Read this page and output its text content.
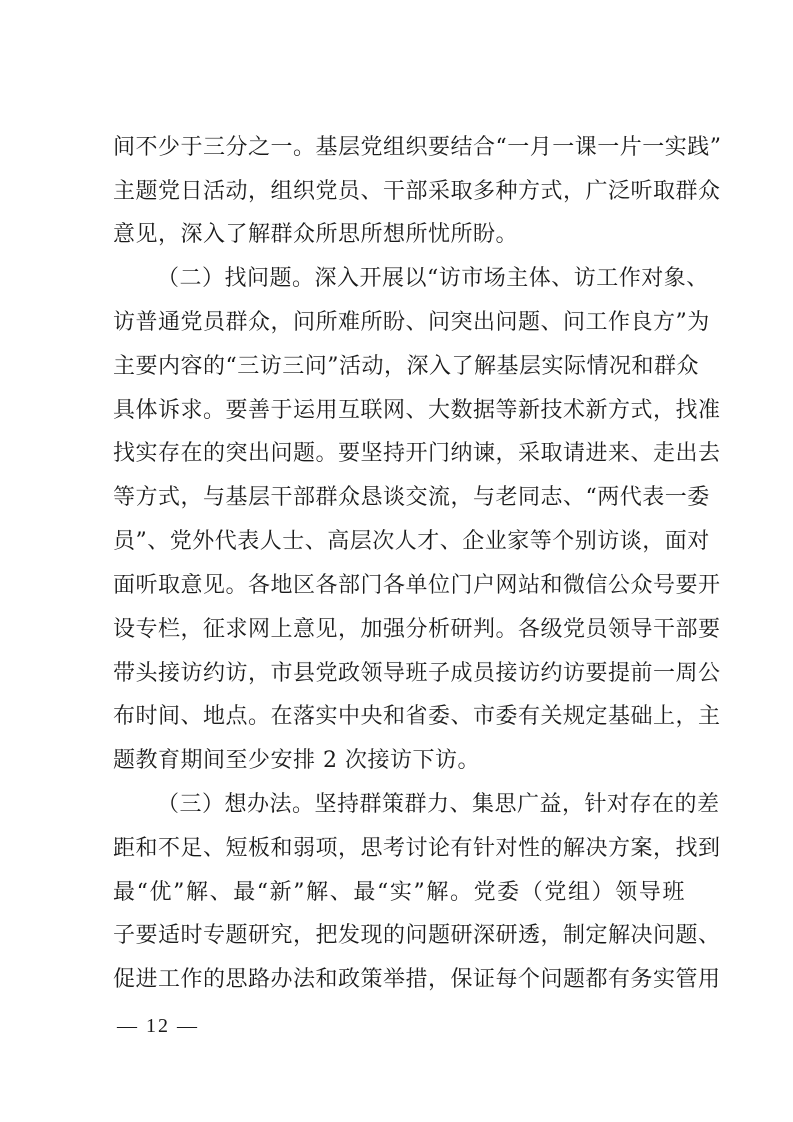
间不少于三分之一。基层党组织要结合“一月一课一片一实践”
主题党日活动，组织党员、干部采取多种方式，广泛听取群众
意见，深入了解群众所思所想所忧所盼。
（二）找问题。深入开展以“访市场主体、访工作对象、
访普通党员群众，问所难所盼、问突出问题、问工作良方”为
主要内容的“三访三问”活动，深入了解基层实际情况和群众
具体诉求。要善于运用互联网、大数据等新技术新方式，找准
找实存在的突出问题。要坚持开门纳谏，采取请进来、走出去
等方式，与基层干部群众恳谈交流，与老同志、“两代表一委
员”、党外代表人士、高层次人才、企业家等个别访谈，面对
面听取意见。各地区各部门各单位门户网站和微信公众号要开
设专栏，征求网上意见，加强分析研判。各级党员领导干部要
带头接访约访，市县党政领导班子成员接访约访要提前一周公
布时间、地点。在落实中央和省委、市委有关规定基础上，主
题教育期间至少安排 2 次接访下访。
（三）想办法。坚持群策群力、集思广益，针对存在的差
距和不足、短板和弱项，思考讨论有针对性的解决方案，找到
最“优”解、最“新”解、最“实”解。党委（党组）领导班
子要适时专题研究，把发现的问题研深研透，制定解决问题、
促进工作的思路办法和政策举措，保证每个问题都有务实管用
— 12 —
